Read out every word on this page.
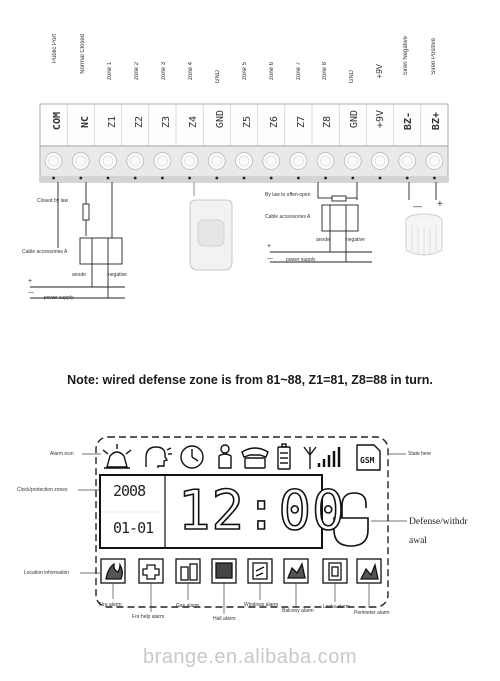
Public Port	Normal Closed	zone 1	zone 2	zone 3	zone 4	GND	zone 5	zone 6	zone 7	zone 8	GND	+9V	Siren Negative	Siren Positive
COM NC Z1 Z2 Z3 Z4 GND Z5 Z6 Z7 Z8 GND +9V BZ- BZ+
Closed by law
Cable accessories A
anode	negative
power supply
+
—
By law to offen-open
Cable accessories A
anode	negative
power supply
+
—
— +
Note: wired defense zone is from 81~88, Z1=81, Z8=88 in turn.
Alarm icon	State here
Clock/protection zones
Location information
GSM
2008
01-01 12:00	Defense/withdr
awal
Fire alarm
For help alarm
Gas alarm
Hall alarm
Windows alarm
Balcony alarm
Locks alarm
Perimeter alarm
brange.en.alibaba.com
